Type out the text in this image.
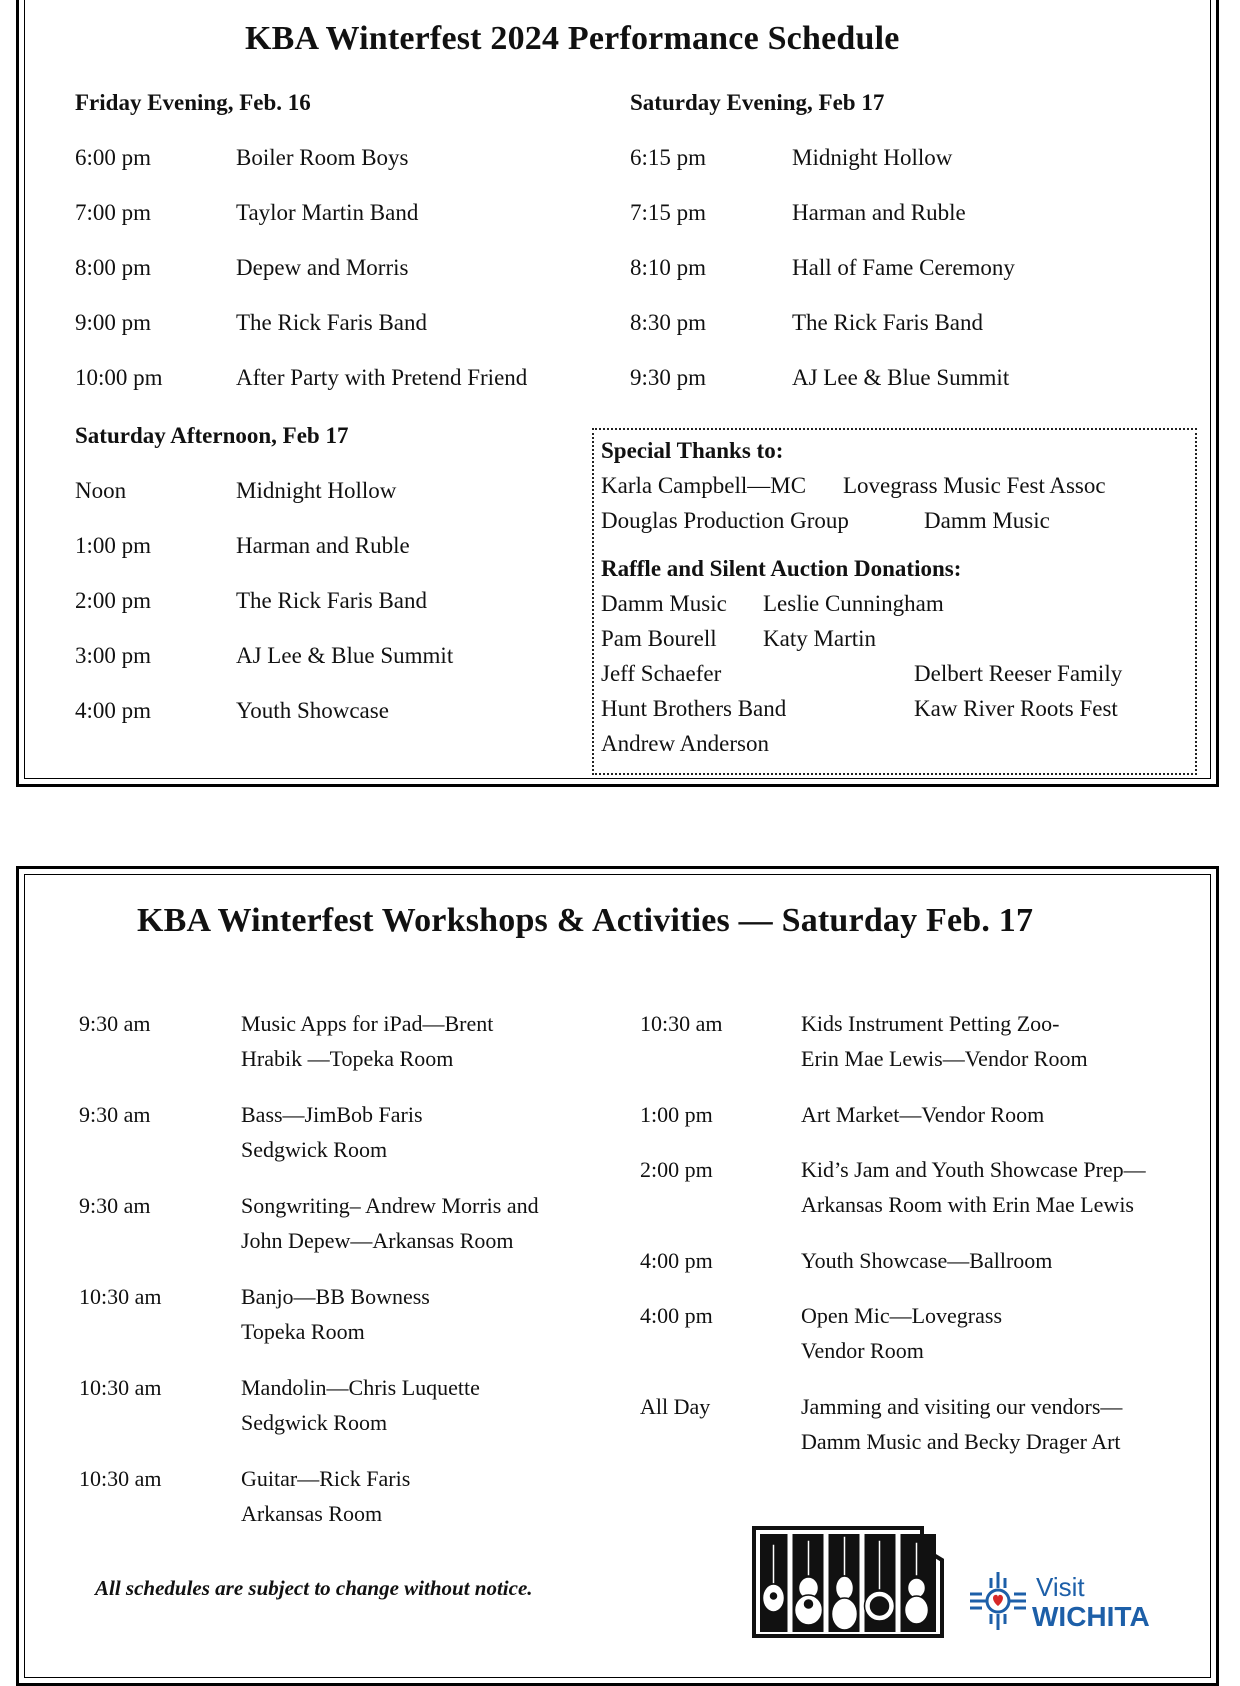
KBA Winterfest 2024 Performance Schedule
Friday Evening, Feb. 16
6:00 pm	Boiler Room Boys
7:00 pm	Taylor Martin Band
8:00 pm	Depew and Morris
9:00 pm	The Rick Faris Band
10:00 pm	After Party with Pretend Friend
Saturday Evening, Feb 17
6:15 pm	Midnight Hollow
7:15 pm	Harman and Ruble
8:10 pm	Hall of Fame Ceremony
8:30 pm	The Rick Faris Band
9:30 pm	AJ Lee & Blue Summit
Saturday Afternoon, Feb 17
Noon	Midnight Hollow
1:00 pm	Harman and Ruble
2:00 pm	The Rick Faris Band
3:00 pm	AJ Lee & Blue Summit
4:00 pm	Youth Showcase
Special Thanks to:
Karla Campbell—MC Lovegrass Music Fest Assoc
Douglas Production Group	Damm Music
Raffle and Silent Auction Donations:
Damm Music Leslie Cunningham
Pam Bourell Katy Martin
Jeff Schaefer	Delbert Reeser Family
Hunt Brothers Band	Kaw River Roots Fest
Andrew Anderson
KBA Winterfest Workshops & Activities — Saturday Feb. 17
9:30 am	Music Apps for iPad—Brent
Hrabik —Topeka Room
9:30 am	Bass—JimBob Faris
Sedgwick Room
9:30 am	Songwriting– Andrew Morris and
John Depew—Arkansas Room
10:30 am	Banjo—BB Bowness
Topeka Room
10:30 am	Mandolin—Chris Luquette
Sedgwick Room
10:30 am	Guitar—Rick Faris
Arkansas Room
10:30 am	Kids Instrument Petting Zoo-
Erin Mae Lewis—Vendor Room
1:00 pm	Art Market—Vendor Room
2:00 pm	Kid’s Jam and Youth Showcase Prep—
Arkansas Room with Erin Mae Lewis
4:00 pm	Youth Showcase—Ballroom
4:00 pm	Open Mic—Lovegrass
Vendor Room
All Day	Jamming and visiting our vendors—
Damm Music and Becky Drager Art
All schedules are subject to change without notice.	Visit
WICHITA
